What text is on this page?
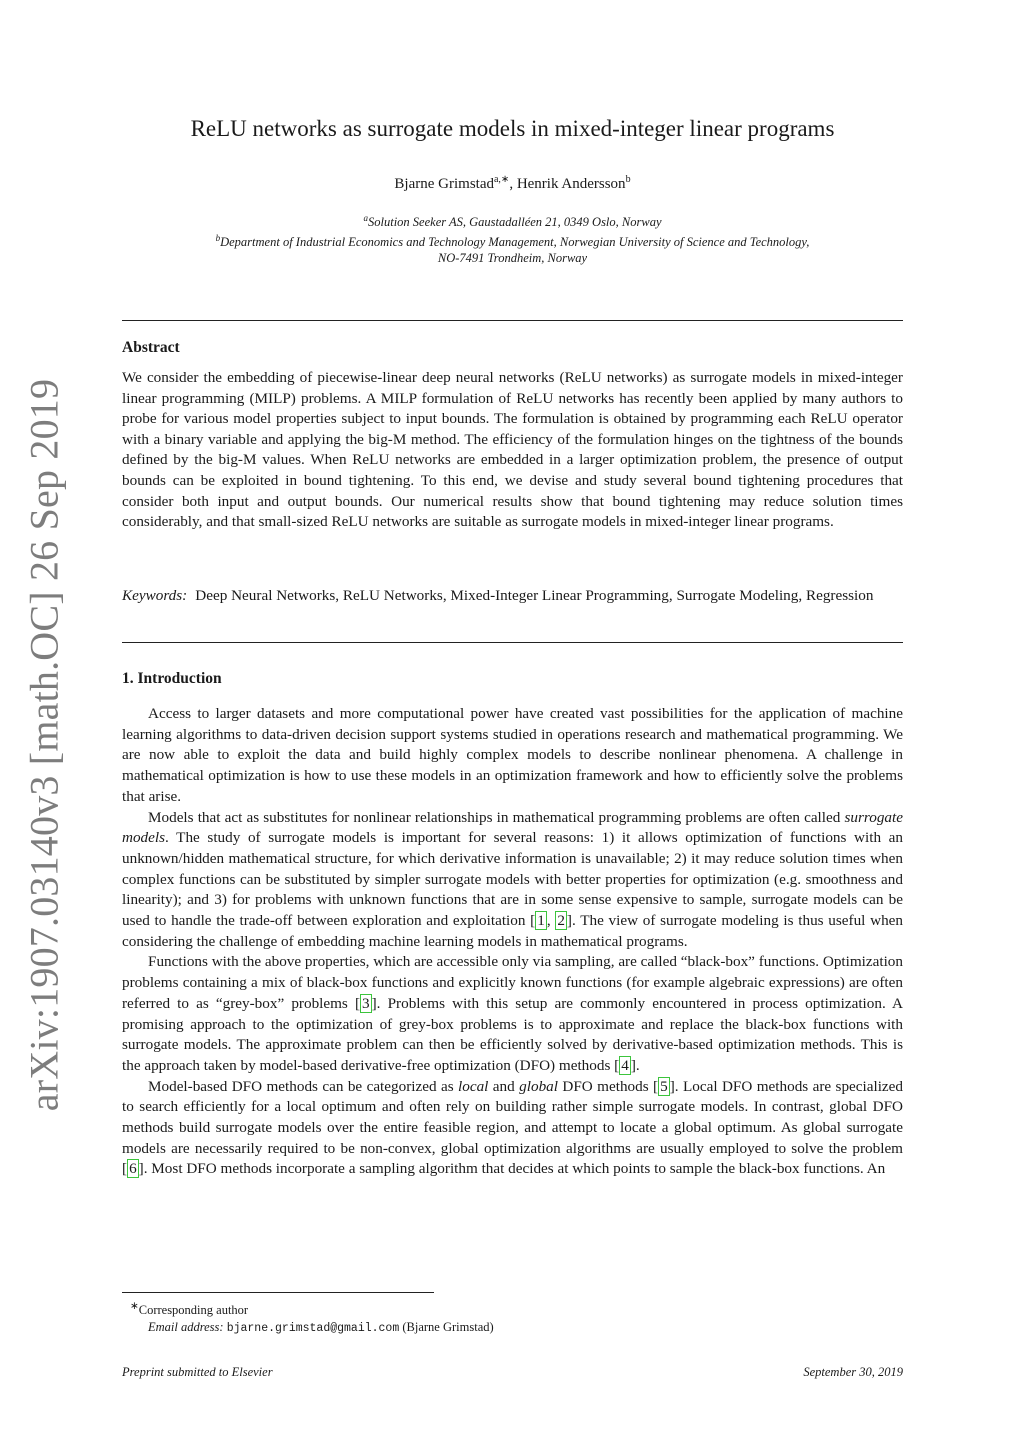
arXiv:1907.03140v3 [math.OC] 26 Sep 2019
ReLU networks as surrogate models in mixed-integer linear programs
Bjarne Grimstad$^{a,∗}$, Henrik Andersson$^b$
$^a$Solution Seeker AS, Gaustadalléen 21, 0349 Oslo, Norway
$^b$Department of Industrial Economics and Technology Management, Norwegian University of Science and Technology,
NO-7491 Trondheim, Norway
Abstract
We consider the embedding of piecewise-linear deep neural networks (ReLU networks) as surrogate models in mixed-integer linear programming (MILP) problems. A MILP formulation of ReLU networks has recently been applied by many authors to probe for various model properties subject to input bounds. The formulation is obtained by programming each ReLU operator with a binary variable and applying the big-M method. The efficiency of the formulation hinges on the tightness of the bounds defined by the big-M values. When ReLU networks are embedded in a larger optimization problem, the presence of output bounds can be exploited in bound tightening. To this end, we devise and study several bound tightening procedures that consider both input and output bounds. Our numerical results show that bound tightening may reduce solution times considerably, and that small-sized ReLU networks are suitable as surrogate models in mixed-integer linear programs.
Keywords: Deep Neural Networks, ReLU Networks, Mixed-Integer Linear Programming, Surrogate Modeling, Regression
1. Introduction

Access to larger datasets and more computational power have created vast possibilities for the application of machine learning algorithms to data-driven decision support systems studied in operations research and mathematical programming. We are now able to exploit the data and build highly complex models to describe nonlinear phenomena. A challenge in mathematical optimization is how to use these models in an optimization framework and how to efficiently solve the problems that arise.

Models that act as substitutes for nonlinear relationships in mathematical programming problems are often called surrogate models. The study of surrogate models is important for several reasons: 1) it allows optimization of functions with an unknown/hidden mathematical structure, for which derivative information is unavailable; 2) it may reduce solution times when complex functions can be substituted by simpler surrogate models with better properties for optimization (e.g. smoothness and linearity); and 3) for problems with unknown functions that are in some sense expensive to sample, surrogate models can be used to handle the trade-off between exploration and exploitation [ 1 , 2 ]. The view of surrogate modeling is thus useful when considering the challenge of embedding machine learning models in mathematical programs.

Functions with the above properties, which are accessible only via sampling, are called “black-box” functions. Optimization problems containing a mix of black-box functions and explicitly known functions (for example algebraic expressions) are often referred to as “grey-box” problems [ 3 ]. Problems with this setup are commonly encountered in process optimization. A promising approach to the optimization of grey-box problems is to approximate and replace the black-box functions with surrogate models. The approximate problem can then be efficiently solved by derivative-based optimization methods. This is the approach taken by model-based derivative-free optimization (DFO) methods [ 4 ].

Model-based DFO methods can be categorized as local and global DFO methods [ 5 ]. Local DFO methods are specialized to search efficiently for a local optimum and often rely on building rather simple surrogate models. In contrast, global DFO methods build surrogate models over the entire feasible region, and attempt to locate a global optimum. As global surrogate models are necessarily required to be non-convex, global optimization algorithms are usually employed to solve the problem [ 6 ]. Most DFO methods incorporate a sampling algorithm that decides at which points to sample the black-box functions. An

∗Corresponding author
Email address: bjarne.grimstad@gmail.com (Bjarne Grimstad)
Preprint submitted to Elsevier	September 30, 2019
